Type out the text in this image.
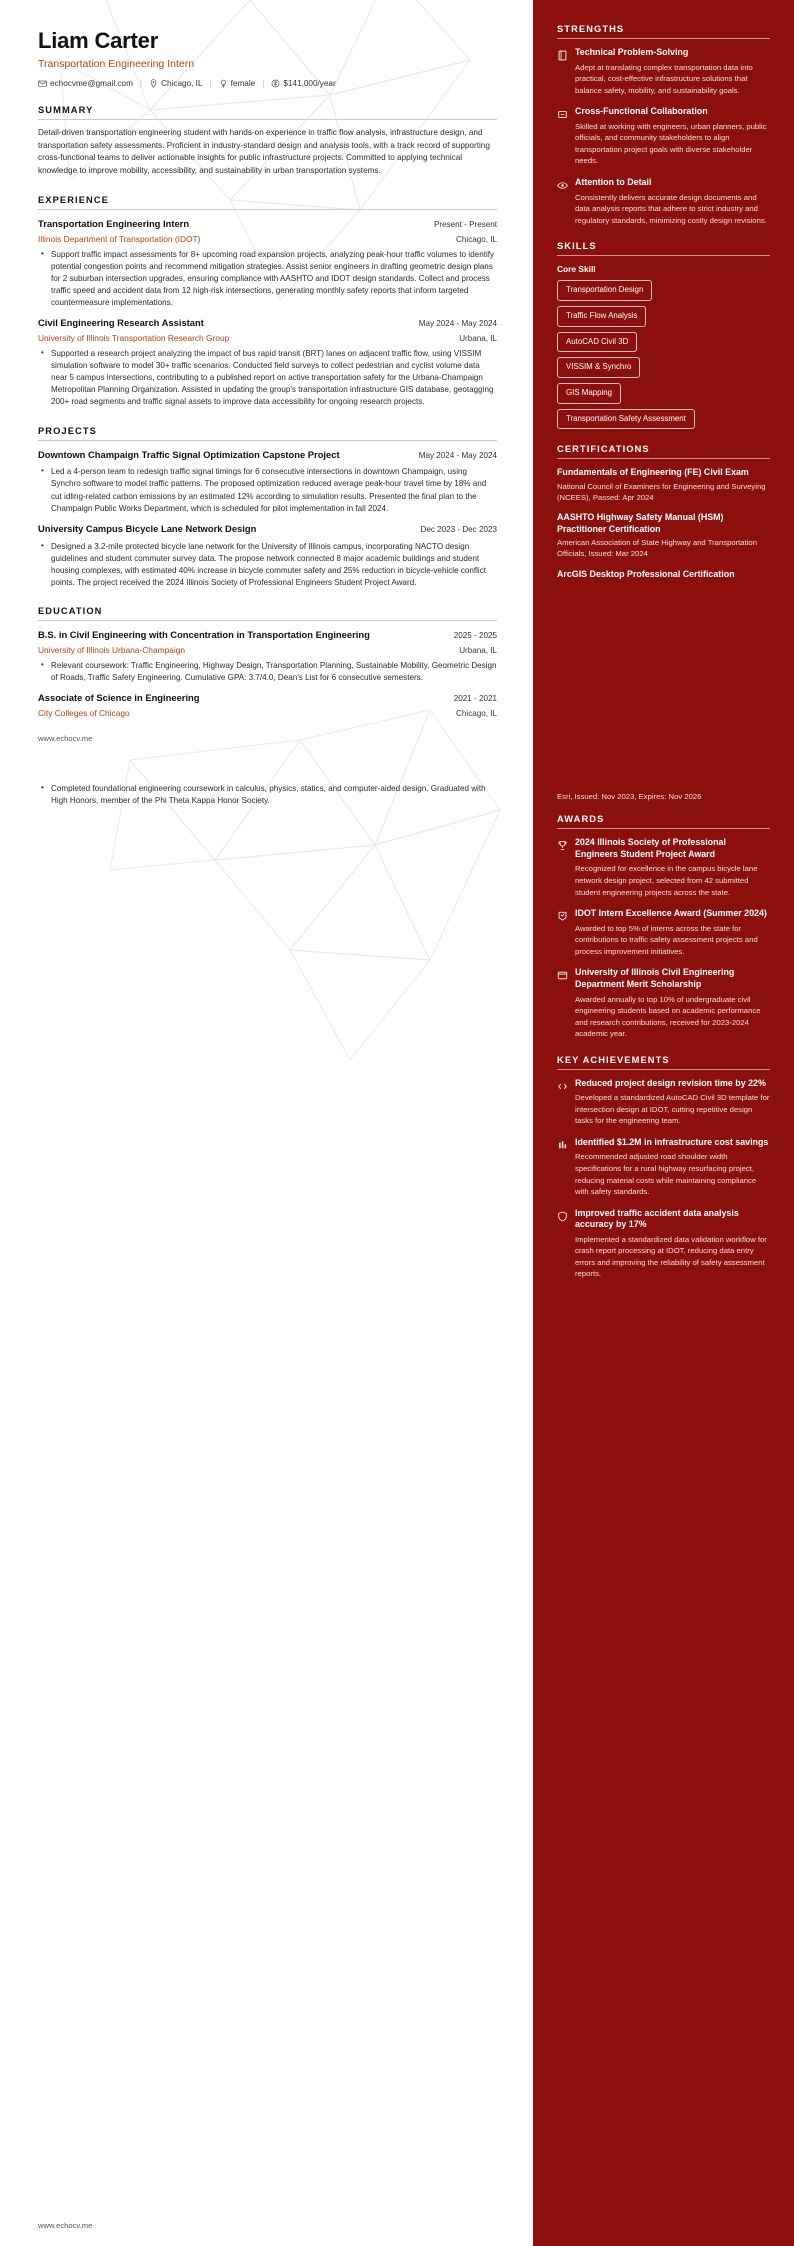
Liam Carter
Transportation Engineering Intern
echocvme@gmail.com | Chicago, IL | female | $141,000/year
SUMMARY
Detail-driven transportation engineering student with hands-on experience in traffic flow analysis, infrastructure design, and transportation safety assessments. Proficient in industry-standard design and analysis tools, with a track record of supporting cross-functional teams to deliver actionable insights for public infrastructure projects. Committed to applying technical knowledge to improve mobility, accessibility, and sustainability in urban transportation systems.
EXPERIENCE
Transportation Engineering Intern	Present - Present
Illinois Department of Transportation (IDOT)	Chicago, IL
• Support traffic impact assessments for 8+ upcoming road expansion projects, analyzing peak-hour traffic volumes to identify potential congestion points and recommend mitigation strategies. Assist senior engineers in drafting geometric design plans for 2 suburban intersection upgrades, ensuring compliance with AASHTO and IDOT design standards. Collect and process traffic speed and accident data from 12 high-risk intersections, generating monthly safety reports that inform targeted countermeasure implementations.
Civil Engineering Research Assistant	May 2024 - May 2024
University of Illinois Transportation Research Group	Urbana, IL
• Supported a research project analyzing the impact of bus rapid transit (BRT) lanes on adjacent traffic flow, using VISSIM simulation software to model 30+ traffic scenarios. Conducted field surveys to collect pedestrian and cyclist volume data near 5 campus intersections, contributing to a published report on active transportation safety for the Urbana-Champaign Metropolitan Planning Organization. Assisted in updating the group's transportation infrastructure GIS database, geotagging 200+ road segments and traffic signal assets to improve data accessibility for ongoing research projects.
PROJECTS
Downtown Champaign Traffic Signal Optimization Capstone Project	May 2024 - May 2024
• Led a 4-person team to redesign traffic signal timings for 6 consecutive intersections in downtown Champaign, using Synchro software to model traffic patterns. The proposed optimization reduced average peak-hour travel time by 18% and cut idling-related carbon emissions by an estimated 12% according to simulation results. Presented the final plan to the Champaign Public Works Department, which is scheduled for pilot implementation in fall 2024.
University Campus Bicycle Lane Network Design	Dec 2023 - Dec 2023
• Designed a 3.2-mile protected bicycle lane network for the University of Illinois campus, incorporating NACTO design guidelines and student commuter survey data. The propose network connected 8 major academic buildings and student housing complexes, with estimated 40% increase in bicycle commuter safety and 25% reduction in bicycle-vehicle conflict points. The project received the 2024 Illinois Society of Professional Engineers Student Project Award.
EDUCATION
B.S. in Civil Engineering with Concentration in Transportation Engineering	2025 - 2025
University of Illinois Urbana-Champaign	Urbana, IL
• Relevant coursework: Traffic Engineering, Highway Design, Transportation Planning, Sustainable Mobility, Geometric Design of Roads, Traffic Safety Engineering. Cumulative GPA: 3.7/4.0, Dean's List for 6 consecutive semesters.
Associate of Science in Engineering	2021 - 2021
City Colleges of Chicago	Chicago, IL
www.echocv.me
• Completed foundational engineering coursework in calculus, physics, statics, and computer-aided design. Graduated with High Honors, member of the Phi Theta Kappa Honor Society.
STRENGTHS
Technical Problem-Solving
Adept at translating complex transportation data into practical, cost-effective infrastructure solutions that balance safety, mobility, and sustainability goals.
Cross-Functional Collaboration
Skilled at working with engineers, urban planners, public officials, and community stakeholders to align transportation project goals with diverse stakeholder needs.
Attention to Detail
Consistently delivers accurate design documents and data analysis reports that adhere to strict industry and regulatory standards, minimizing costly design revisions.
SKILLS
Core Skill
Transportation Design
Traffic Flow Analysis
AutoCAD Civil 3D
VISSIM & Synchro
GIS Mapping
Transportation Safety Assessment
CERTIFICATIONS
Fundamentals of Engineering (FE) Civil Exam
National Council of Examiners for Engineering and Surveying (NCEES), Passed: Apr 2024
AASHTO Highway Safety Manual (HSM) Practitioner Certification
American Association of State Highway and Transportation Officials, Issued: Mar 2024
ArcGIS Desktop Professional Certification
Esri, Issued: Nov 2023, Expires: Nov 2026
AWARDS
2024 Illinois Society of Professional Engineers Student Project Award
Recognized for excellence in the campus bicycle lane network design project, selected from 42 submitted student engineering projects across the state.
IDOT Intern Excellence Award (Summer 2024)
Awarded to top 5% of interns across the state for contributions to traffic safety assessment projects and process improvement initiatives.
University of Illinois Civil Engineering Department Merit Scholarship
Awarded annually to top 10% of undergraduate civil engineering students based on academic performance and research contributions, received for 2023-2024 academic year.
KEY ACHIEVEMENTS
Reduced project design revision time by 22%
Developed a standardized AutoCAD Civil 3D template for intersection design at IDOT, cutting repetitive design tasks for the engineering team.
Identified $1.2M in infrastructure cost savings
Recommended adjusted road shoulder width specifications for a rural highway resurfacing project, reducing material costs while maintaining compliance with safety standards.
Improved traffic accident data analysis accuracy by 17%
Implemented a standardized data validation workflow for crash report processing at IDOT, reducing data entry errors and improving the reliability of safety assessment reports.
www.echocv.me
